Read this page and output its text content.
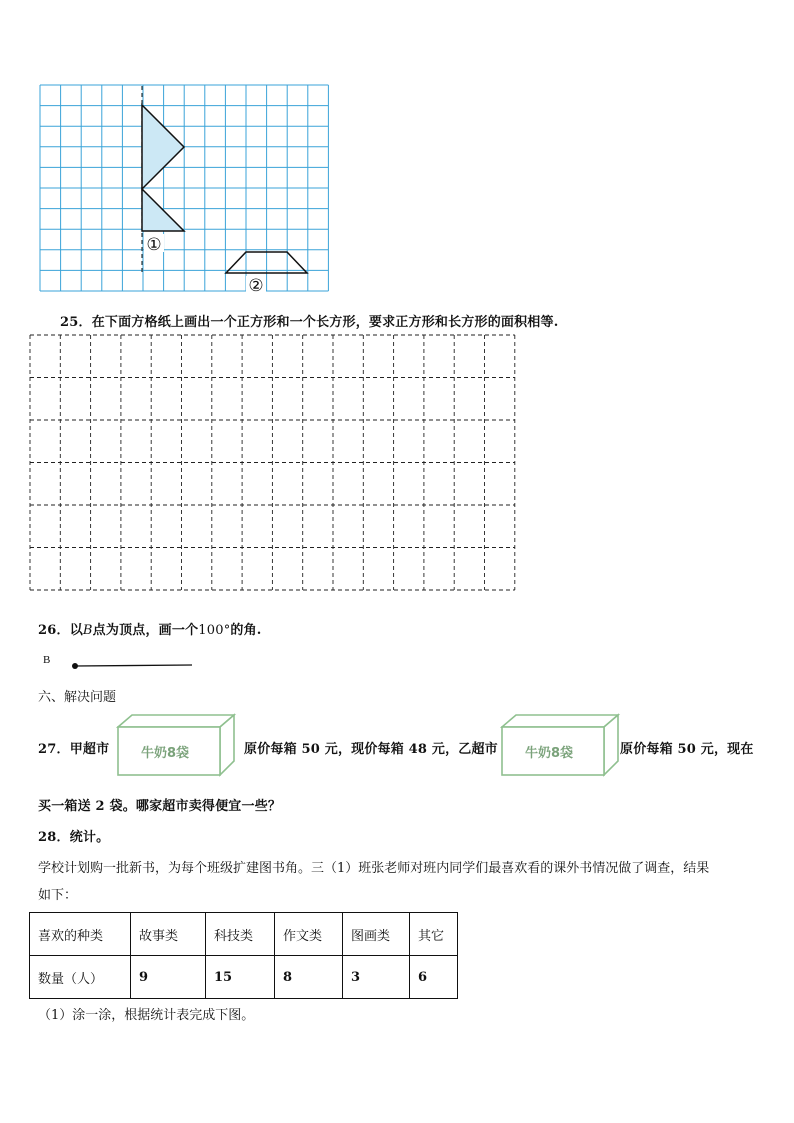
①
②
25．在下面方格纸上画出一个正方形和一个长方形，要求正方形和长方形的面积相等.
26．以B点为顶点，画一个100°的角.
B
六、解决问题
27．甲超市 牛奶8袋	原价每箱 50 元，现价每箱 48 元，乙超市 牛奶8袋	原价每箱 50 元，现在
买一箱送 2 袋。哪家超市卖得便宜一些？
28．统计。
学校计划购一批新书，为每个班级扩建图书角。三（1）班张老师对班内同学们最喜欢看的课外书情况做了调查，结果
如下：
喜欢的种类	故事类	科技类	作文类	图画类	其它
数量（人）	9	15	8	3	6
（1）涂一涂，根据统计表完成下图。
